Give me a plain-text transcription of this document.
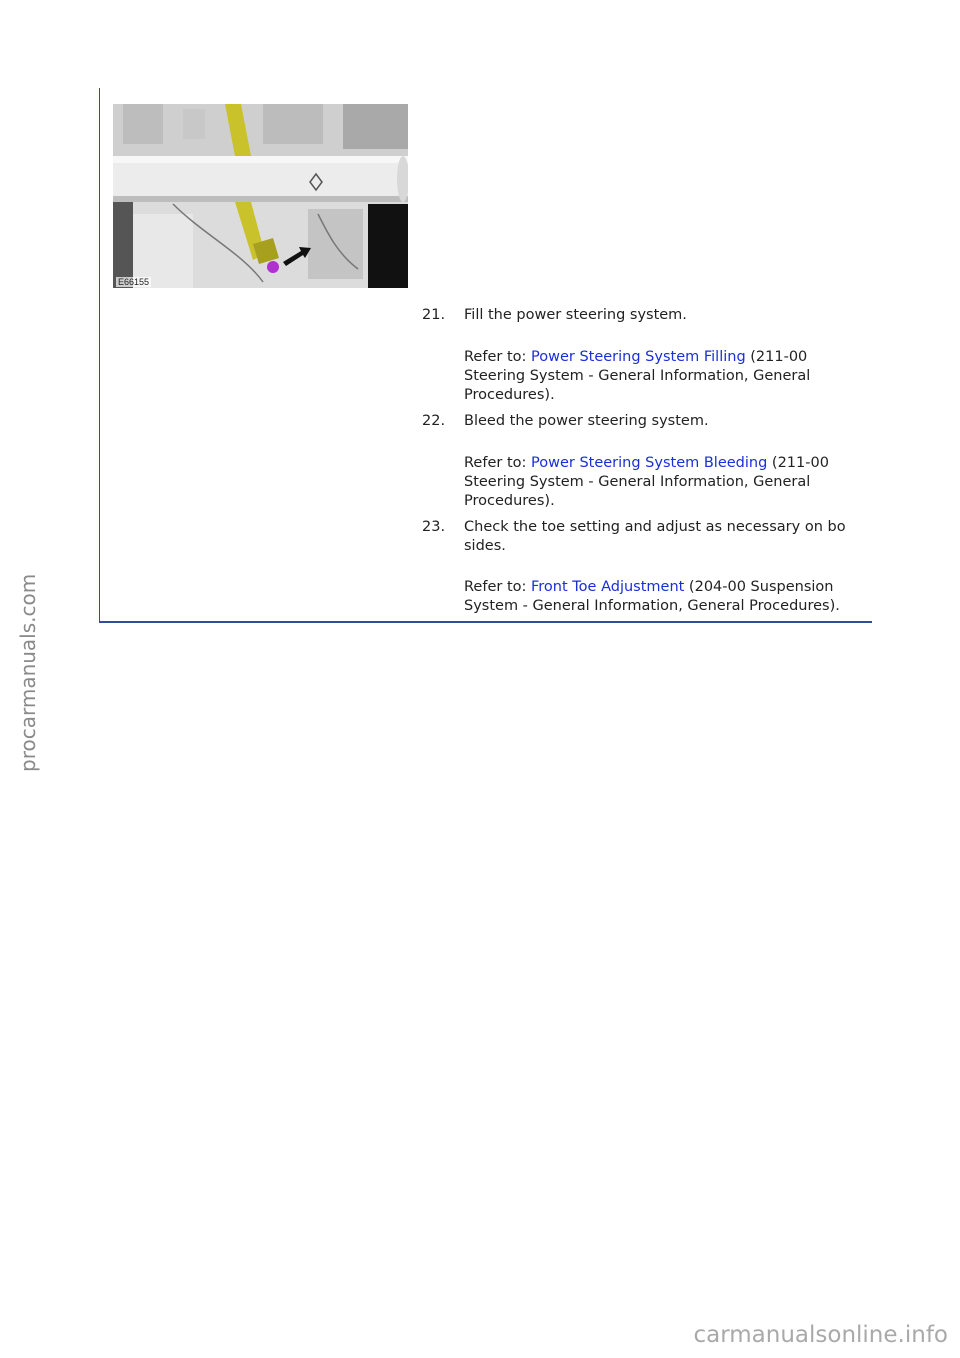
E66155
21.	Fill the power steering system.
Refer to: Power Steering System Filling (211-00
Steering System - General Information, General
Procedures).
22.	Bleed the power steering system.
Refer to: Power Steering System Bleeding (211-00
Steering System - General Information, General
Procedures).
23.	Check the toe setting and adjust as necessary on bo
sides.
Refer to: Front Toe Adjustment (204-00 Suspension
System - General Information, General Procedures).
procarmanuals.com
carmanualsonline.info
